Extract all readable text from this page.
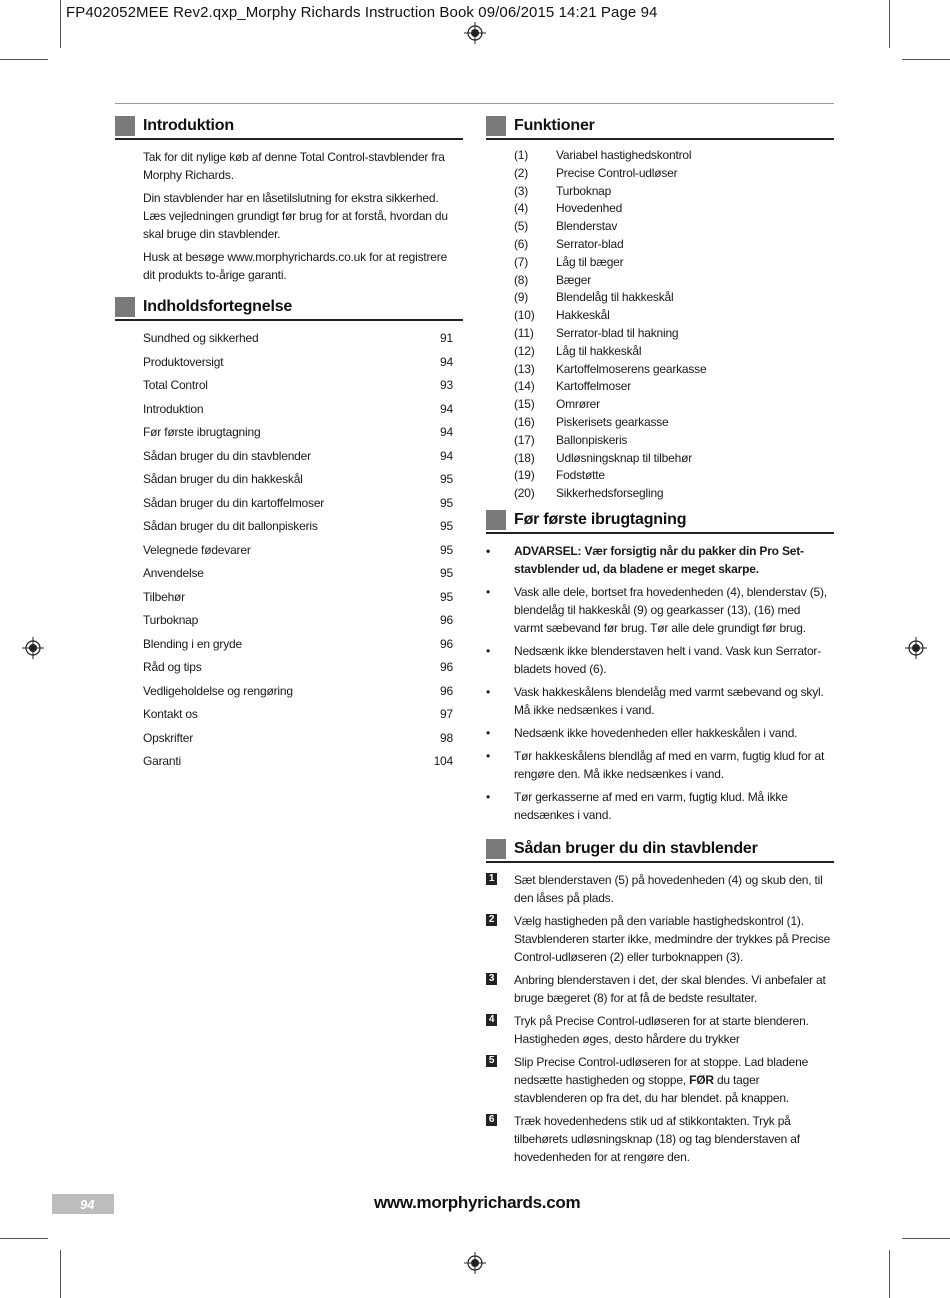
FP402052MEE Rev2.qxp_Morphy Richards Instruction Book 09/06/2015 14:21 Page 94
Introduktion

Tak for dit nylige køb af denne Total Control-stavblender fra Morphy Richards.

Din stavblender har en låsetilslutning for ekstra sikkerhed. Læs vejledningen grundigt før brug for at forstå, hvordan du skal bruge din stavblender.

Husk at besøge www.morphyrichards.co.uk for at registrere dit produkts to-årige garanti.

Indholdsfortegnelse
Sundhed og sikkerhed	91
Produktoversigt	94
Total Control	93
Introduktion	94
Før første ibrugtagning	94
Sådan bruger du din stavblender	94
Sådan bruger du din hakkeskål	95
Sådan bruger du din kartoffelmoser	95
Sådan bruger du dit ballonpiskeris	95
Velegnede fødevarer	95
Anvendelse	95
Tilbehør	95
Turboknap	96
Blending i en gryde	96
Råd og tips	96
Vedligeholdelse og rengøring	96
Kontakt os	97
Opskrifter	98
Garanti	104
Funktioner
(1) Variabel hastighedskontrol
(2) Precise Control-udløser
(3) Turboknap
(4) Hovedenhed
(5) Blenderstav
(6) Serrator-blad
(7) Låg til bæger
(8) Bæger
(9) Blendelåg til hakkeskål
(10) Hakkeskål
(11) Serrator-blad til hakning
(12) Låg til hakkeskål
(13) Kartoffelmoserens gearkasse
(14) Kartoffelmoser
(15) Omrører
(16) Piskerisets gearkasse
(17) Ballonpiskeris
(18) Udløsningsknap til tilbehør
(19) Fodstøtte
(20) Sikkerhedsforsegling
Før første ibrugtagning
• ADVARSEL: Vær forsigtig når du pakker din Pro Set-stavblender ud, da bladene er meget skarpe.
• Vask alle dele, bortset fra hovedenheden (4), blenderstav (5), blendelåg til hakkeskål (9) og gearkasser (13), (16) med varmt sæbevand før brug. Tør alle dele grundigt før brug.
• Nedsænk ikke blenderstaven helt i vand. Vask kun Serrator-bladets hoved (6).
• Vask hakkeskålens blendelåg med varmt sæbevand og skyl. Må ikke nedsænkes i vand.
• Nedsænk ikke hovedenheden eller hakkeskålen i vand.
• Tør hakkeskålens blendlåg af med en varm, fugtig klud for at rengøre den. Må ikke nedsænkes i vand.
• Tør gerkasserne af med en varm, fugtig klud. Må ikke nedsænkes i vand.
Sådan bruger du din stavblender
1 Sæt blenderstaven (5) på hovedenheden (4) og skub den, til den låses på plads.
2 Vælg hastigheden på den variable hastighedskontrol (1). Stavblenderen starter ikke, medmindre der trykkes på Precise Control-udløseren (2) eller turboknappen (3).
3 Anbring blenderstaven i det, der skal blendes. Vi anbefaler at bruge bægeret (8) for at få de bedste resultater.
4 Tryk på Precise Control-udløseren for at starte blenderen. Hastigheden øges, desto hårdere du trykker
5 Slip Precise Control-udløseren for at stoppe. Lad bladene nedsætte hastigheden og stoppe, FØR du tager stavblenderen op fra det, du har blendet. på knappen.
6 Træk hovedenhedens stik ud af stikkontakten. Tryk på tilbehørets udløsningsknap (18) og tag blenderstaven af hovedenheden for at rengøre den.
94	www.morphyrichards.com
